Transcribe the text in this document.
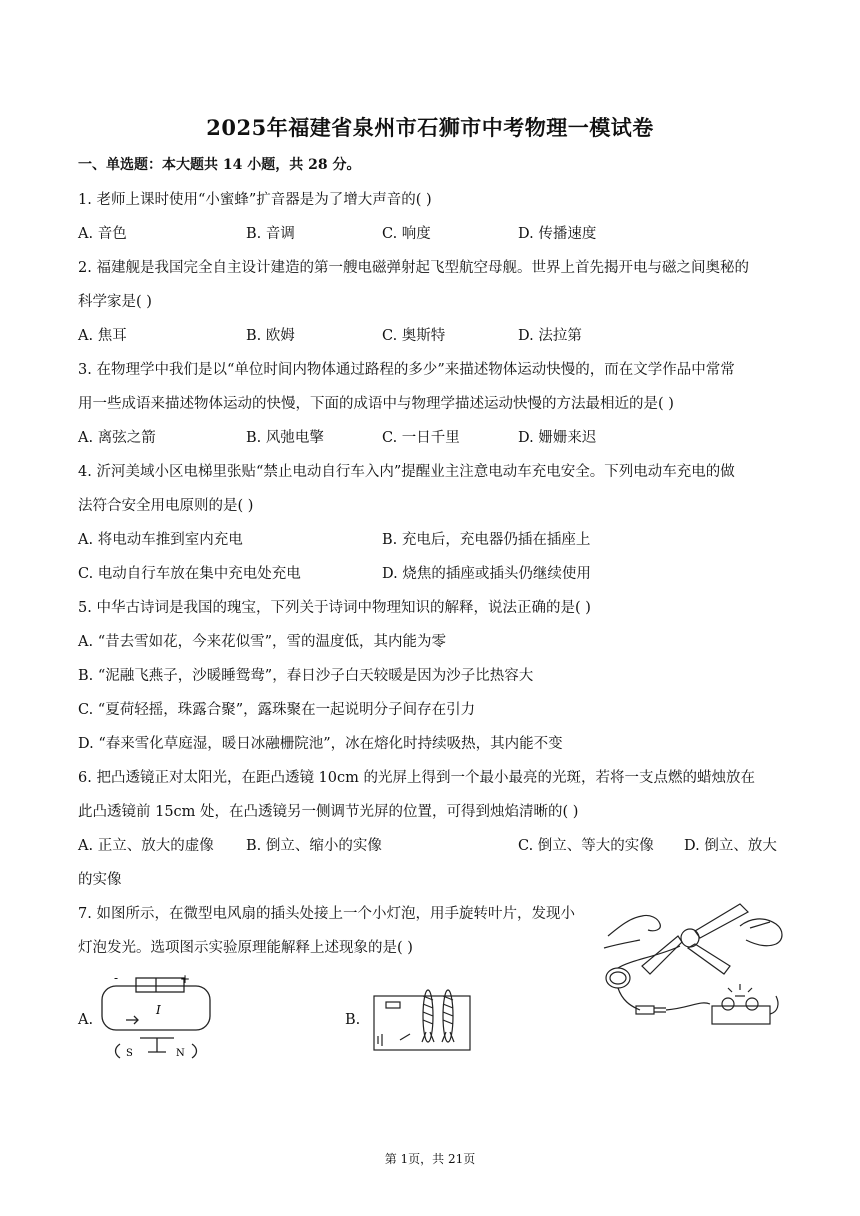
2025年福建省泉州市石狮市中考物理一模试卷
一、单选题：本大题共 14 小题，共 28 分。
1. 老师上课时使用“小蜜蜂”扩音器是为了增大声音的( )
A. 音色	B. 音调	C. 响度	D. 传播速度
2. 福建舰是我国完全自主设计建造的第一艘电磁弹射起飞型航空母舰。世界上首先揭开电与磁之间奥秘的
科学家是( )
A. 焦耳	B. 欧姆	C. 奥斯特	D. 法拉第
3. 在物理学中我们是以“单位时间内物体通过路程的多少”来描述物体运动快慢的，而在文学作品中常常
用一些成语来描述物体运动的快慢，下面的成语中与物理学描述运动快慢的方法最相近的是( )
A. 离弦之箭	B. 风弛电擎	C. 一日千里	D. 姗姗来迟
4. 沂河美域小区电梯里张贴“禁止电动自行车入内”提醒业主注意电动车充电安全。下列电动车充电的做
法符合安全用电原则的是( )
A. 将电动车推到室内充电	B. 充电后，充电器仍插在插座上
C. 电动自行车放在集中充电处充电	D. 烧焦的插座或插头仍继续使用
5. 中华古诗词是我国的瑰宝，下列关于诗词中物理知识的解释，说法正确的是( )
A. “昔去雪如花，今来花似雪”，雪的温度低，其内能为零
B. “泥融飞燕子，沙暖睡鸳鸯”，春日沙子白天较暖是因为沙子比热容大
C. “夏荷轻摇，珠露合聚”，露珠聚在一起说明分子间存在引力
D. “春来雪化草庭湿，暖日冰融栅院池”，冰在熔化时持续吸热，其内能不变
6. 把凸透镜正对太阳光，在距凸透镜 10cm 的光屏上得到一个最小最亮的光斑，若将一支点燃的蜡烛放在
此凸透镜前 15cm 处，在凸透镜另一侧调节光屏的位置，可得到烛焰清晰的( )
A. 正立、放大的虚像 B. 倒立、缩小的实像	C. 倒立、等大的实像 D. 倒立、放大
的实像
7. 如图所示，在微型电风扇的插头处接上一个小灯泡，用手旋转叶片，发现小
灯泡发光。选项图示实验原理能解释上述现象的是( )
A.
-	+
I
S	N
B.
第 1页，共 21页
